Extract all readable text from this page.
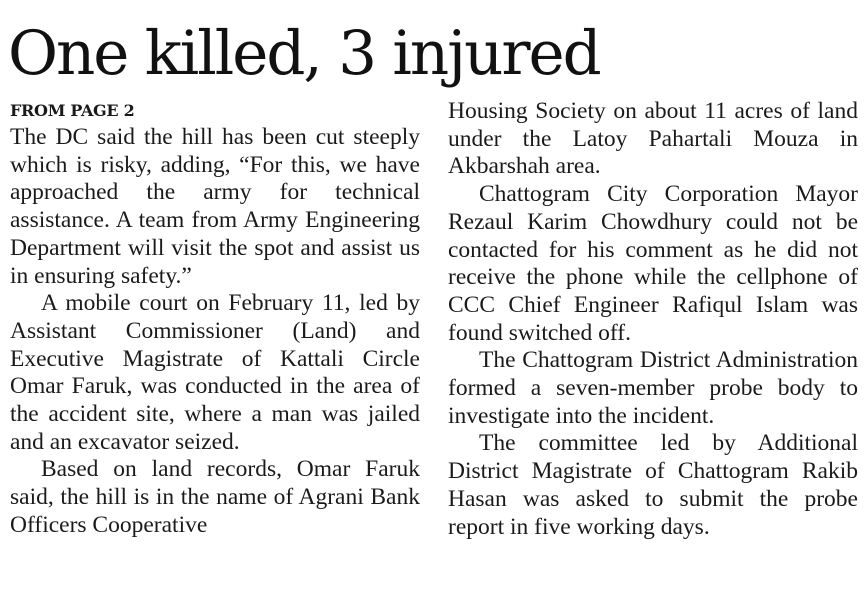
One killed, 3 injured
FROM PAGE 2

The DC said the hill has been cut steeply which is risky, adding, “For this, we have approached the army for technical assistance. A team from Army Engineering Department will visit the spot and assist us in ensuring safety.”

A mobile court on February 11, led by Assistant Commissioner (Land) and Executive Magistrate of Kattali Circle Omar Faruk, was conducted in the area of the accident site, where a man was jailed and an excavator seized.

Based on land records, Omar Faruk said, the hill is in the name of Agrani Bank Officers Cooperative

Housing Society on about 11 acres of land under the Latoy Pahartali Mouza in Akbarshah area.

Chattogram City Corporation Mayor Rezaul Karim Chowdhury could not be contacted for his comment as he did not receive the phone while the cellphone of CCC Chief Engineer Rafiqul Islam was found switched off.

The Chattogram District Administration formed a seven-member probe body to investigate into the incident.

The committee led by Additional District Magistrate of Chattogram Rakib Hasan was asked to submit the probe report in five working days.
